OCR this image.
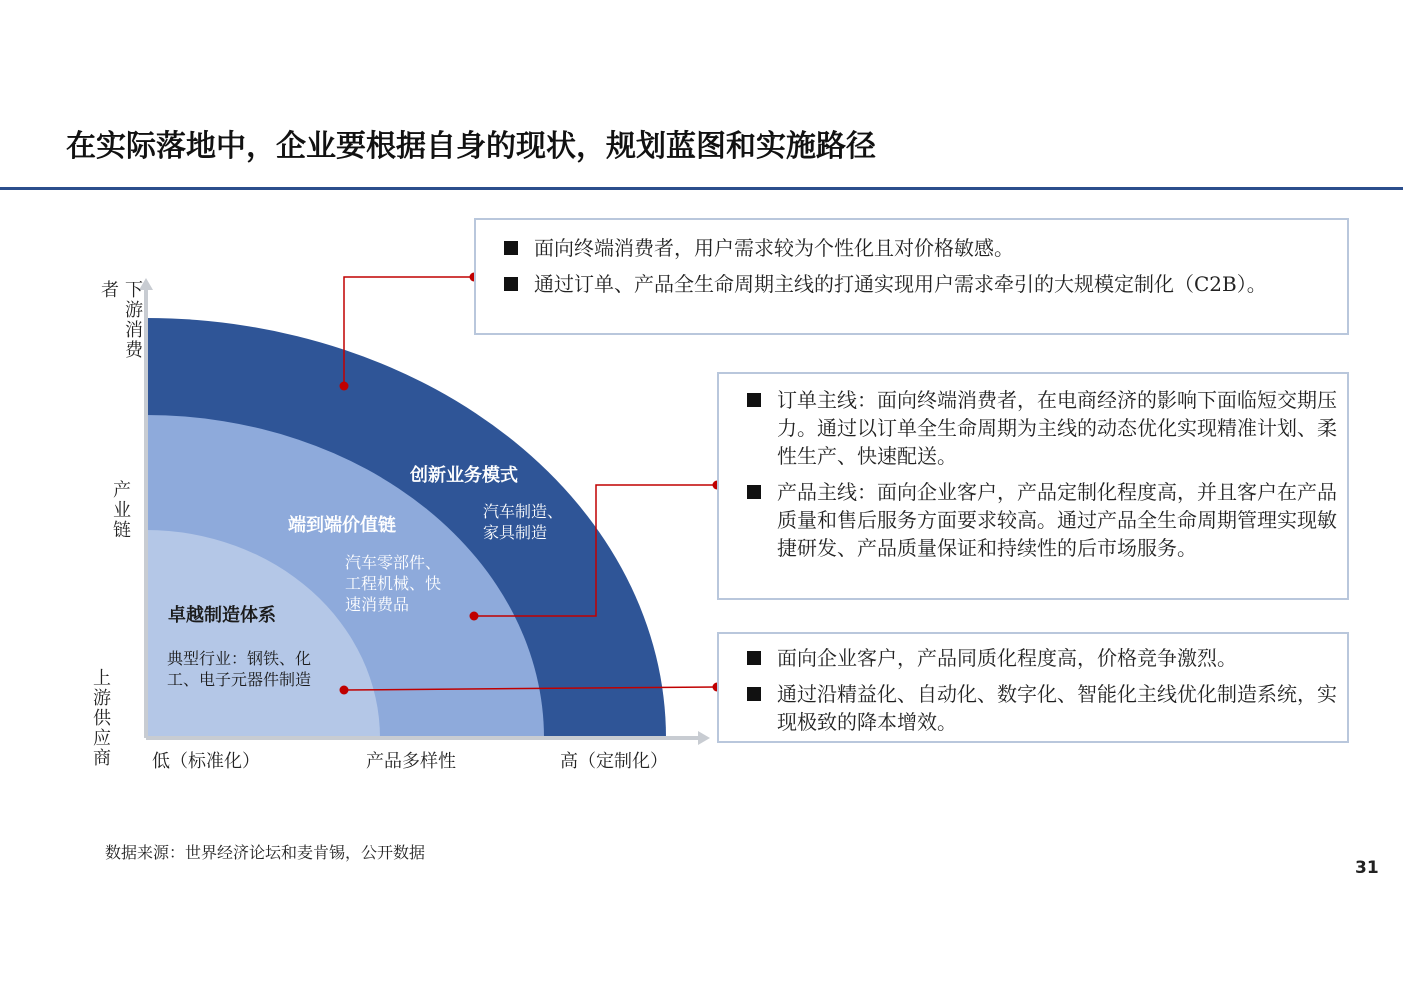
在实际落地中，企业要根据自身的现状，规划蓝图和实施路径
下游消费者
产业链
上游供应商 低（标准化）	产品多样性	高（定制化）
创新业务模式
汽车制造、
家具制造
端到端价值链
汽车零部件、
工程机械、快
速消费品
卓越制造体系
典型行业：钢铁、化
工、电子元器件制造
面向终端消费者，用户需求较为个性化且对价格敏感。
通过订单、产品全生命周期主线的打通实现用户需求牵引的大规模定制化（C2B）。
订单主线：面向终端消费者，在电商经济的影响下面临短交期压力。通过以订单全生命周期为主线的动态优化实现精准计划、柔性生产、快速配送。
产品主线：面向企业客户，产品定制化程度高，并且客户在产品质量和售后服务方面要求较高。通过产品全生命周期管理实现敏捷研发、产品质量保证和持续性的后市场服务。
面向企业客户，产品同质化程度高，价格竞争激烈。
通过沿精益化、自动化、数字化、智能化主线优化制造系统，实现极致的降本增效。
数据来源：世界经济论坛和麦肯锡，公开数据
31
